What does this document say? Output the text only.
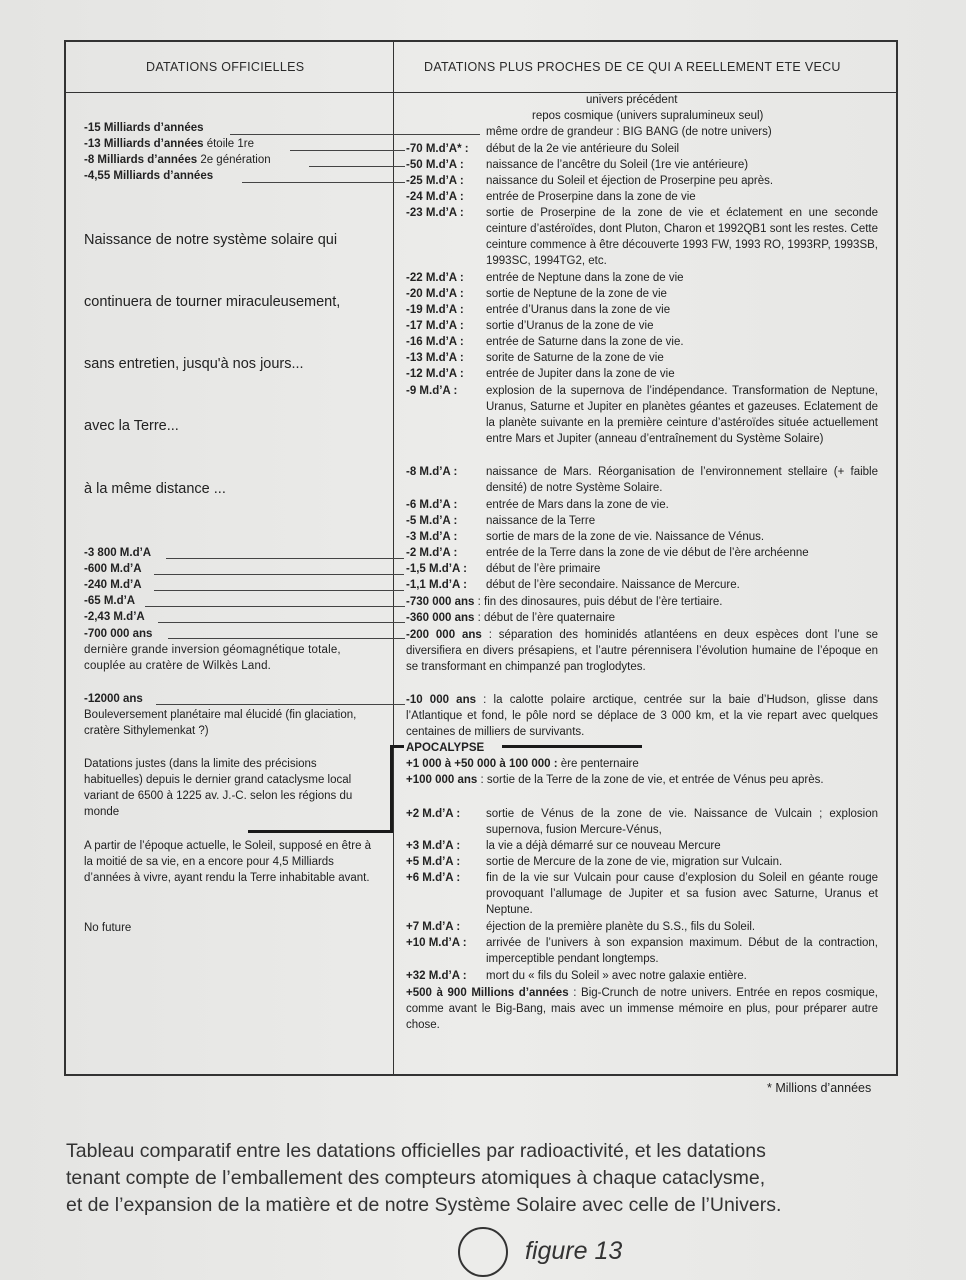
DATATIONS OFFICIELLES	DATATIONS PLUS PROCHES DE CE QUI A REELLEMENT ETE VECU
-15 Milliards d’années
-13 Milliards d’années étoile 1re
-8 Milliards d’années 2e génération
-4,55 Milliards d’années
Naissance de notre système solaire qui
continuera de tourner miraculeusement,
sans entretien, jusqu'à nos jours...
avec la Terre...
à la même distance ...
-3 800 M.d’A
-600 M.d’A
-240 M.d’A
-65 M.d’A
-2,43 M.d’A
-700 000 ans
dernière grande inversion géomagnétique totale, couplée au cratère de Wilkès Land.
-12000 ans
Bouleversement planétaire mal élucidé (fin glaciation, cratère Sithylemenkat ?)
Datations justes (dans la limite des précisions habituelles) depuis le dernier grand cataclysme local variant de 6500 à 1225 av. J.-C. selon les régions du monde
A partir de l’époque actuelle, le Soleil, supposé en être à la moitié de sa vie, en a encore pour 4,5 Milliards d’années à vivre, ayant rendu la Terre inhabitable avant.
No future
univers précédent
repos cosmique (univers supralumineux seul)
même ordre de grandeur : BIG BANG (de notre univers)
-70 M.d’A* : début de la 2e vie antérieure du Soleil
-50 M.d’A : naissance de l’ancêtre du Soleil (1re vie antérieure)
-25 M.d’A : naissance du Soleil et éjection de Proserpine peu après.
-24 M.d’A : entrée de Proserpine dans la zone de vie
-23 M.d’A : sortie de Proserpine de la zone de vie et éclatement en une seconde ceinture d’astéroïdes, dont Pluton, Charon et 1992QB1 sont les restes. Cette ceinture commence à être découverte 1993 FW, 1993 RO, 1993RP, 1993SB, 1993SC, 1994TG2, etc.
-22 M.d’A : entrée de Neptune dans la zone de vie
-20 M.d’A : sortie de Neptune de la zone de vie
-19 M.d’A : entrée d’Uranus dans la zone de vie
-17 M.d’A : sortie d’Uranus de la zone de vie
-16 M.d’A : entrée de Saturne dans la zone de vie.
-13 M.d’A : sorite de Saturne de la zone de vie
-12 M.d’A : entrée de Jupiter dans la zone de vie
-9 M.d’A : explosion de la supernova de l’indépendance. Transformation de Neptune, Uranus, Saturne et Jupiter en planètes géantes et gazeuses. Eclatement de la planète suivante en la première ceinture d’astéroïdes située actuellement entre Mars et Jupiter (anneau d’entraînement du Système Solaire)
-8 M.d’A : naissance de Mars. Réorganisation de l’environnement stellaire (+ faible densité) de notre Système Solaire.
-6 M.d’A : entrée de Mars dans la zone de vie.
-5 M.d’A : naissance de la Terre
-3 M.d’A : sortie de mars de la zone de vie. Naissance de Vénus.
-2 M.d’A : entrée de la Terre dans la zone de vie début de l’ère archéenne
-1,5 M.d’A : début de l’ère primaire
-1,1 M.d’A : début de l’ère secondaire. Naissance de Mercure.
-730 000 ans : fin des dinosaures, puis début de l’ère tertiaire.
-360 000 ans : début de l’ère quaternaire
-200 000 ans : séparation des hominidés atlantéens en deux espèces dont l’une se diversifiera en divers présapiens, et l’autre pérennisera l’évolution humaine de l’époque en se transformant en chimpanzé pan troglodytes.
-10 000 ans : la calotte polaire arctique, centrée sur la baie d’Hudson, glisse dans l’Atlantique et fond, le pôle nord se déplace de 3 000 km, et la vie repart avec quelques centaines de milliers de survivants.
APOCALYPSE
+1 000 à +50 000 à 100 000 : ère penternaire
+100 000 ans : sortie de la Terre de la zone de vie, et entrée de Vénus peu après.
+2 M.d’A : sortie de Vénus de la zone de vie. Naissance de Vulcain ; explosion supernova, fusion Mercure-Vénus,
+3 M.d’A : la vie a déjà démarré sur ce nouveau Mercure
+5 M.d’A : sortie de Mercure de la zone de vie, migration sur Vulcain.
+6 M.d’A : fin de la vie sur Vulcain pour cause d’explosion du Soleil en géante rouge provoquant l’allumage de Jupiter et sa fusion avec Saturne, Uranus et Neptune.
+7 M.d’A : éjection de la première planète du S.S., fils du Soleil.
+10 M.d’A : arrivée de l’univers à son expansion maximum. Début de la contraction, imperceptible pendant longtemps.
+32 M.d’A : mort du « fils du Soleil » avec notre galaxie entière.
+500 à 900 Millions d’années : Big-Crunch de notre univers. Entrée en repos cosmique, comme avant le Big-Bang, mais avec un immense mémoire en plus, pour préparer autre chose.
* Millions d’années
Tableau comparatif entre les datations officielles par radioactivité, et les datations
tenant compte de l’emballement des compteurs atomiques à chaque cataclysme,
et de l’expansion de la matière et de notre Système Solaire avec celle de l’Univers.
figure 13
